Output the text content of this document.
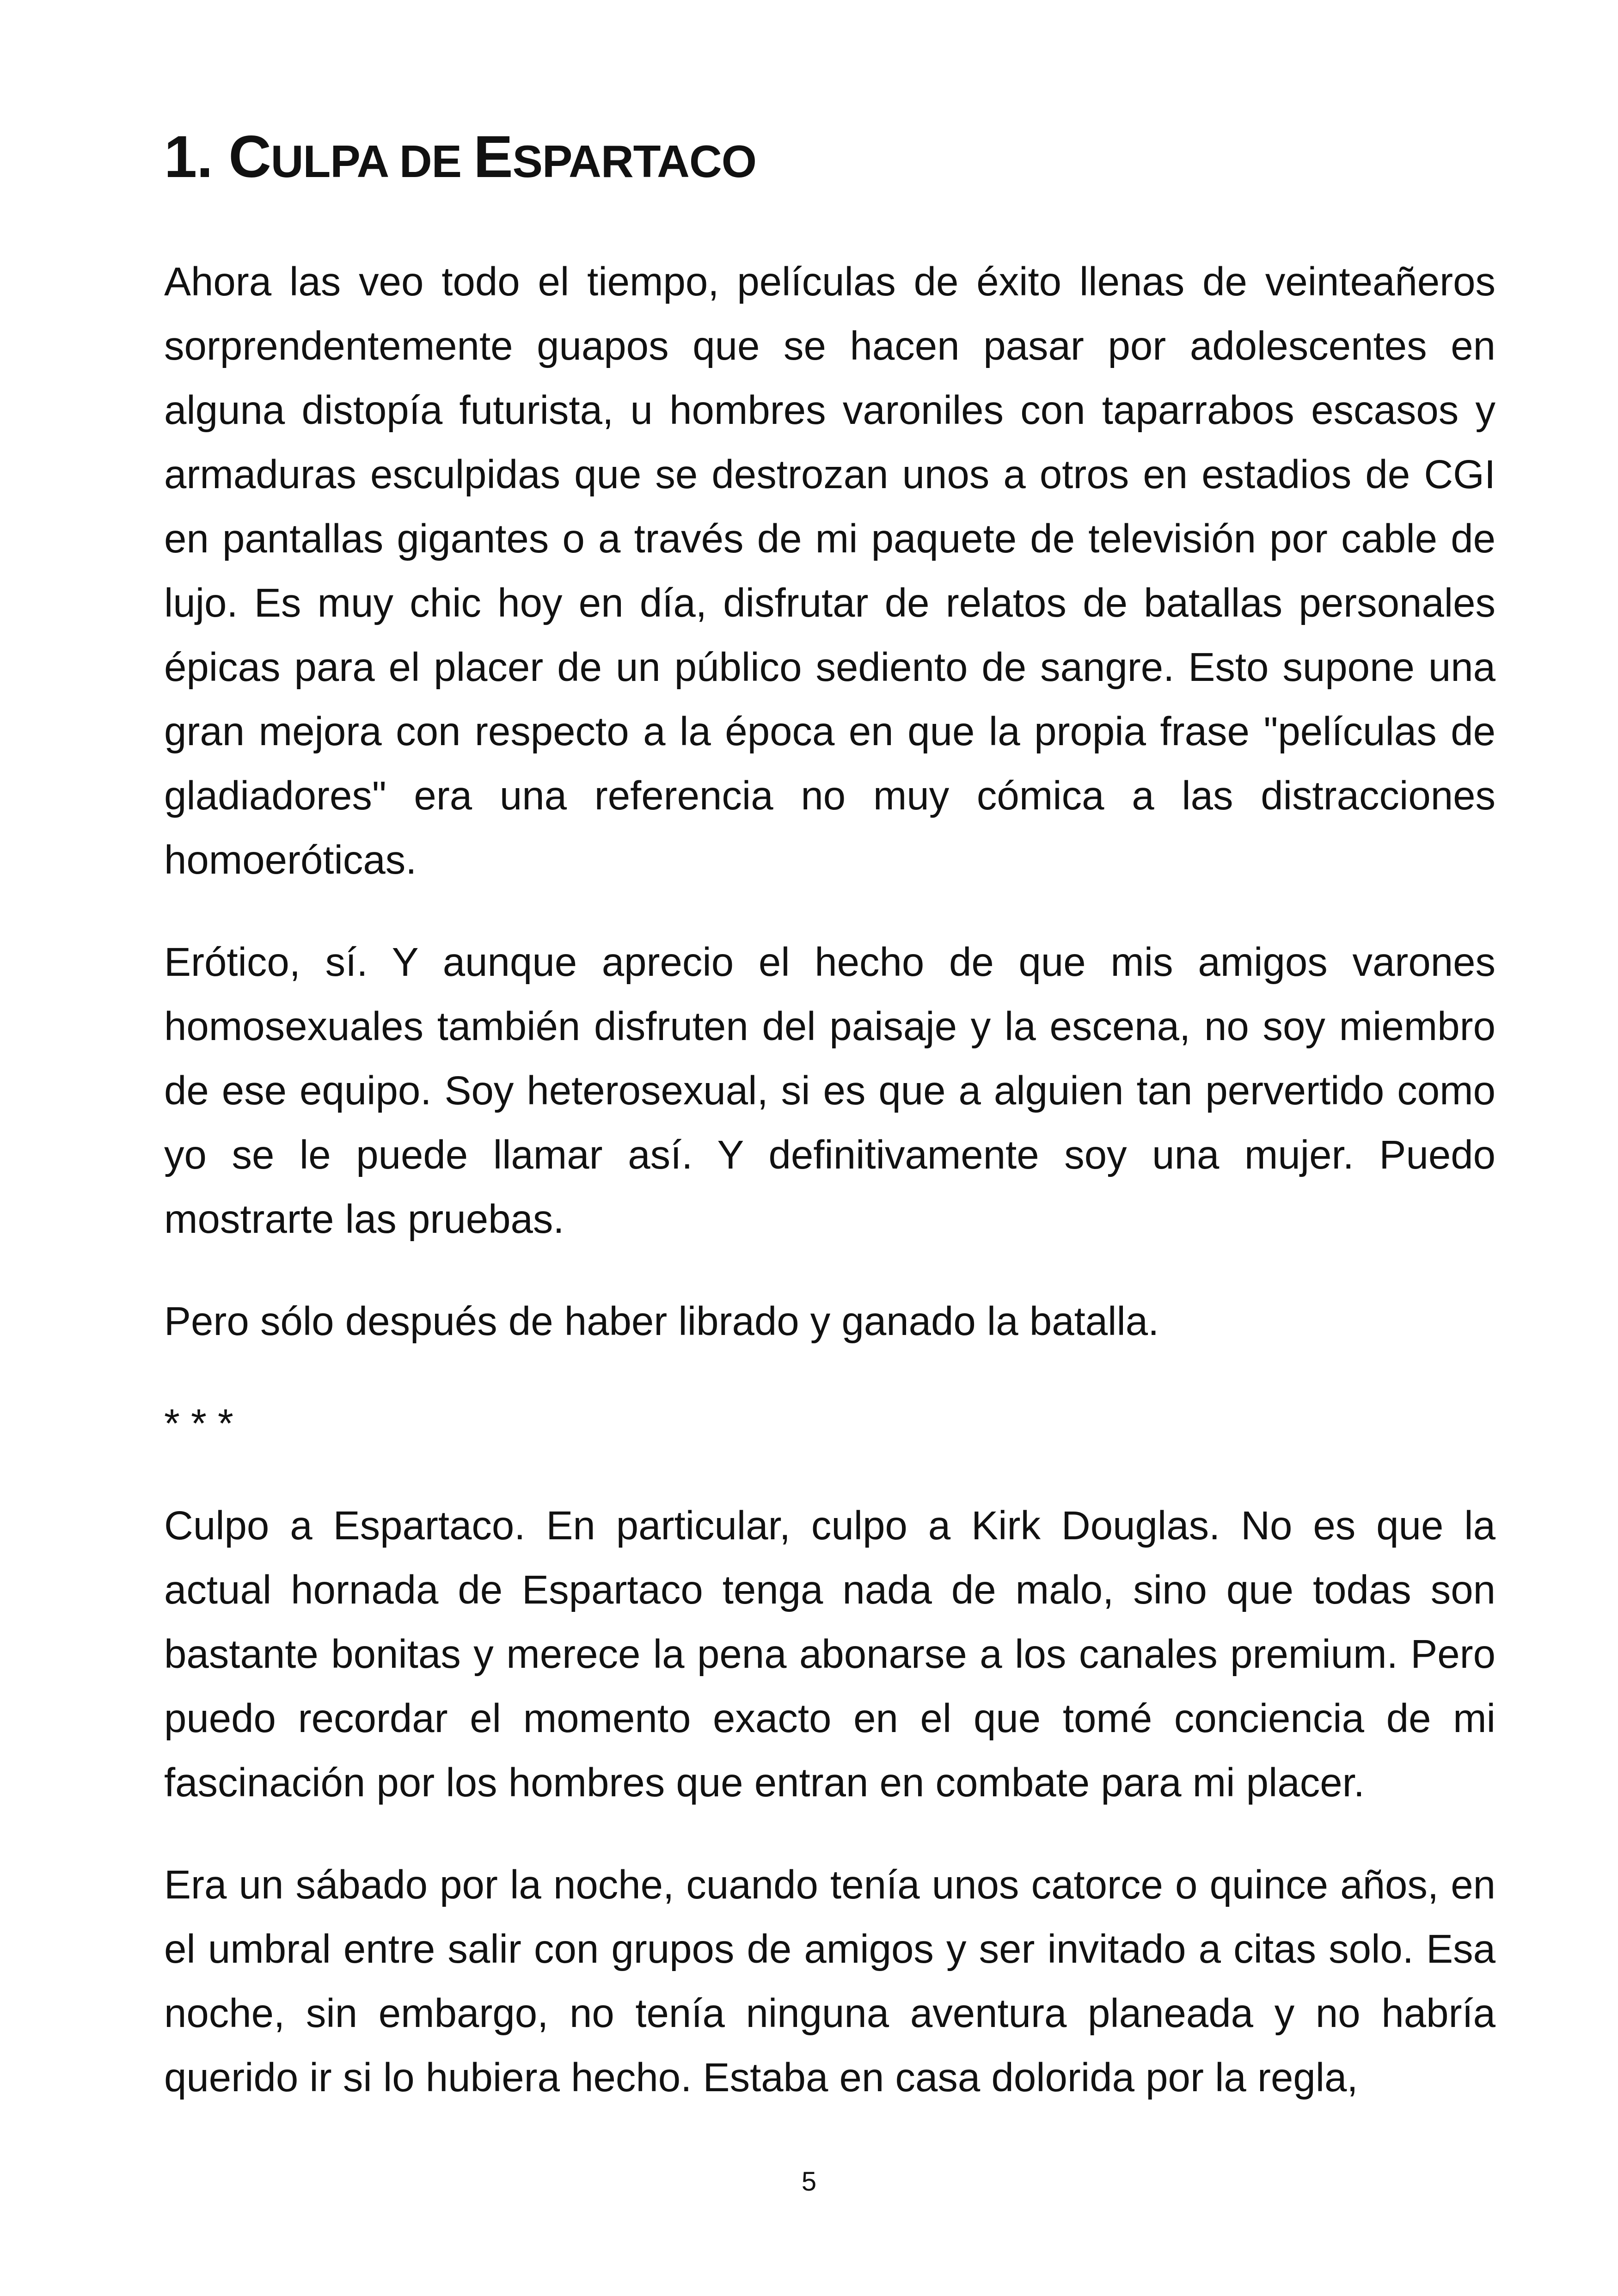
1. CULPA DE ESPARTACO

Ahora las veo todo el tiempo, películas de éxito llenas de veinteañeros sorprendentemente guapos que se hacen pasar por adolescentes en alguna distopía futurista, u hombres varoniles con taparrabos escasos y armaduras esculpidas que se destrozan unos a otros en estadios de CGI en pantallas gigantes o a través de mi paquete de televisión por cable de lujo. Es muy chic hoy en día, disfrutar de relatos de batallas personales épicas para el placer de un público sediento de sangre. Esto supone una gran mejora con respecto a la época en que la propia frase "películas de gladiadores" era una referencia no muy cómica a las distracciones homoeróticas.

Erótico, sí. Y aunque aprecio el hecho de que mis amigos varones homosexuales también disfruten del paisaje y la escena, no soy miembro de ese equipo. Soy heterosexual, si es que a alguien tan pervertido como yo se le puede llamar así. Y definitivamente soy una mujer. Puedo mostrarte las pruebas.

Pero sólo después de haber librado y ganado la batalla.

* * *

Culpo a Espartaco. En particular, culpo a Kirk Douglas. No es que la actual hornada de Espartaco tenga nada de malo, sino que todas son bastante bonitas y merece la pena abonarse a los canales premium. Pero puedo recordar el momento exacto en el que tomé conciencia de mi fascinación por los hombres que entran en combate para mi placer.

Era un sábado por la noche, cuando tenía unos catorce o quince años, en el umbral entre salir con grupos de amigos y ser invitado a citas solo. Esa noche, sin embargo, no tenía ninguna aventura planeada y no habría querido ir si lo hubiera hecho. Estaba en casa dolorida por la regla,

5
